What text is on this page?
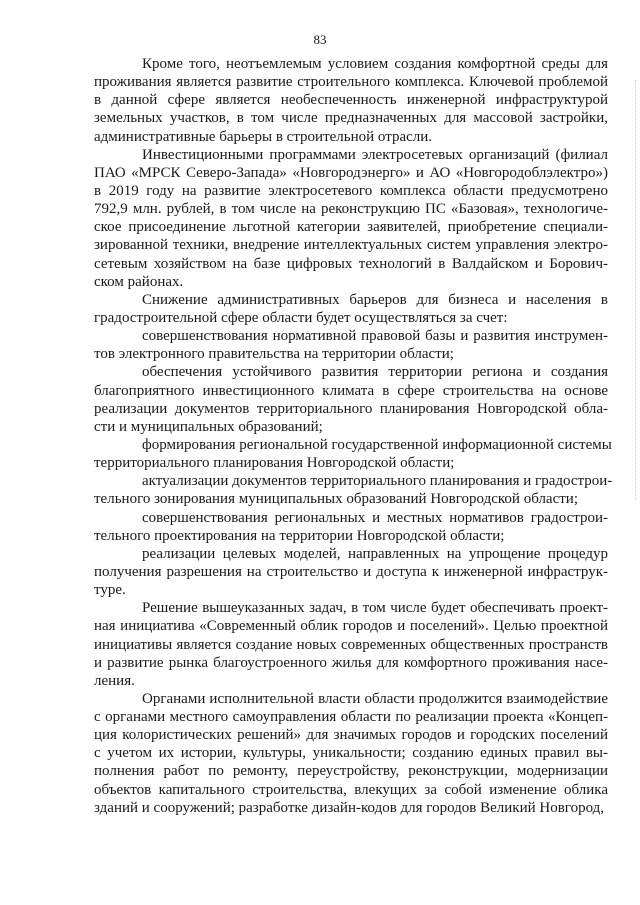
83
Кроме того, неотъемлемым условием создания комфортной среды для
проживания является развитие строительного комплекса. Ключевой проблемой
в данной сфере является необеспеченность инженерной инфраструктурой
земельных участков, в том числе предназначенных для массовой застройки,
административные барьеры в строительной отрасли.
Инвестиционными программами электросетевых организаций (филиал
ПАО «МРСК Северо-Запада» «Новгородэнерго» и АО «Новгородоблэлектро»)
в 2019 году на развитие электросетевого комплекса области предусмотрено
792,9 млн. рублей, в том числе на реконструкцию ПС «Базовая», технологиче-
ское присоединение льготной категории заявителей, приобретение специали-
зированной техники, внедрение интеллектуальных систем управления электро-
сетевым хозяйством на базе цифровых технологий в Валдайском и Борович-
ском районах.
Снижение административных барьеров для бизнеса и населения в
градостроительной сфере области будет осуществляться за счет:
совершенствования нормативной правовой базы и развития инструмен-
тов электронного правительства на территории области;
обеспечения устойчивого развития территории региона и создания
благоприятного инвестиционного климата в сфере строительства на основе
реализации документов территориального планирования Новгородской обла-
сти и муниципальных образований;
формирования региональной государственной информационной системы
территориального планирования Новгородской области;
актуализации документов территориального планирования и градострои-
тельного зонирования муниципальных образований Новгородской области;
совершенствования региональных и местных нормативов градострои-
тельного проектирования на территории Новгородской области;
реализации целевых моделей, направленных на упрощение процедур
получения разрешения на строительство и доступа к инженерной инфраструк-
туре.
Решение вышеуказанных задач, в том числе будет обеспечивать проект-
ная инициатива «Современный облик городов и поселений». Целью проектной
инициативы является создание новых современных общественных пространств
и развитие рынка благоустроенного жилья для комфортного проживания насе-
ления.
Органами исполнительной власти области продолжится взаимодействие
с органами местного самоуправления области по реализации проекта «Концеп-
ция колористических решений» для значимых городов и городских поселений
с учетом их истории, культуры, уникальности; созданию единых правил вы-
полнения работ по ремонту, переустройству, реконструкции, модернизации
объектов капитального строительства, влекущих за собой изменение облика
зданий и сооружений; разработке дизайн-кодов для городов Великий Новгород,
